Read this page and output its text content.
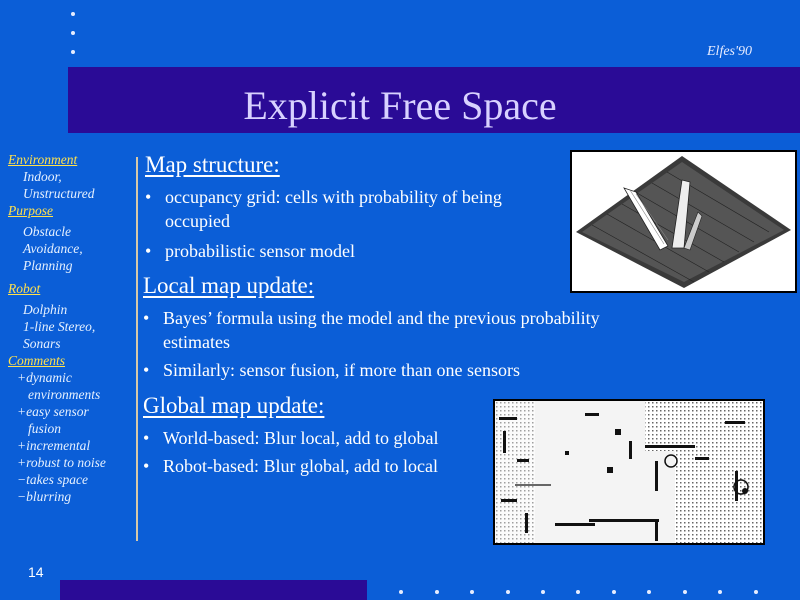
Elfes'90
Explicit Free Space
Environment
Indoor,
Unstructured
Purpose
Obstacle
Avoidance,
Planning
Robot
Dolphin
1-line Stereo,
Sonars
Comments
+dynamic
environments
+easy sensor
fusion
+incremental
+robust to noise
−takes space
−blurring
Map structure:
• occupancy grid: cells with probability of being occupied
• probabilistic sensor model
Local map update:
• Bayes’ formula using the model and the previous probability estimates
• Similarly: sensor fusion, if more than one sensors
Global map update:
• World-based: Blur local, add to global
• Robot-based: Blur global, add to local
14
